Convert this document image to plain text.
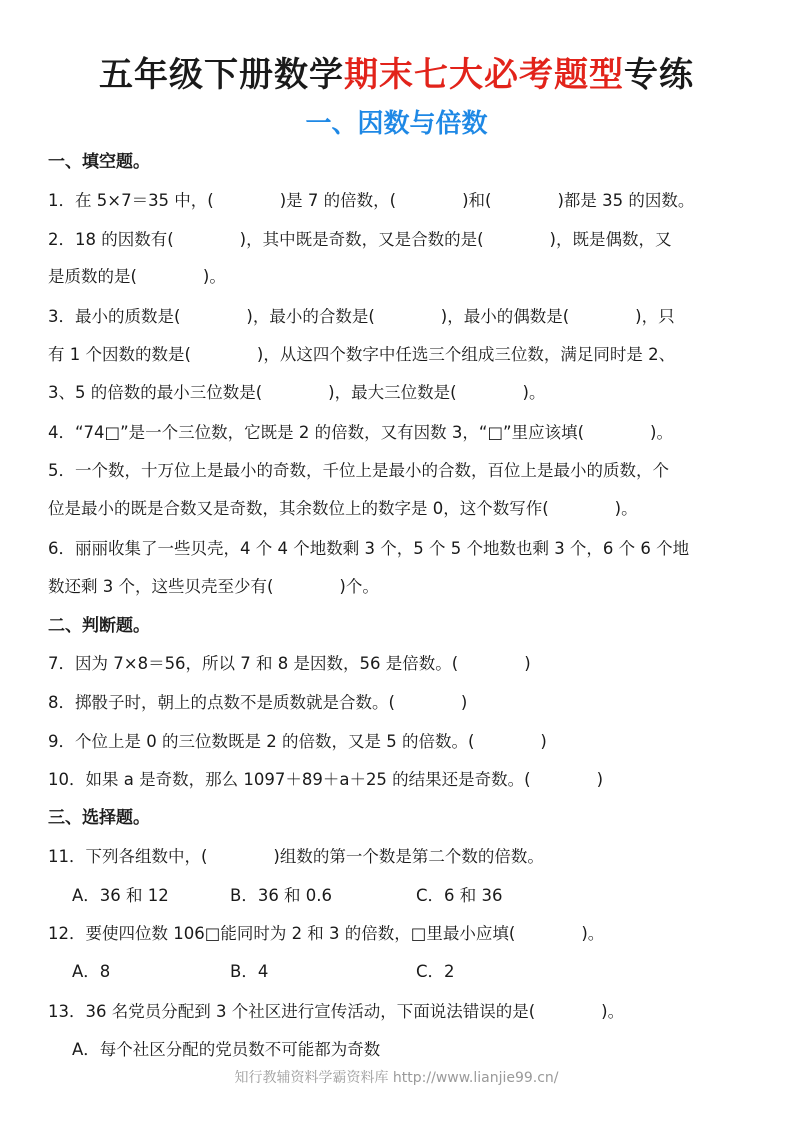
五年级下册数学期末七大必考题型专练
一、因数与倍数
一、填空题。
1．在 5×7＝35 中，(　　　　)是 7 的倍数，(　　　　)和(　　　　)都是 35 的因数。
2．18 的因数有(　　　　)，其中既是奇数，又是合数的是(　　　　)，既是偶数，又
是质数的是(　　　　)。
3．最小的质数是(　　　　)，最小的合数是(　　　　)，最小的偶数是(　　　　)，只
有 1 个因数的数是(　　　　)，从这四个数字中任选三个组成三位数，满足同时是 2、
3、5 的倍数的最小三位数是(　　　　)，最大三位数是(　　　　)。
4．“74□”是一个三位数，它既是 2 的倍数，又有因数 3，“□”里应该填(　　　　)。
5．一个数，十万位上是最小的奇数，千位上是最小的合数，百位上是最小的质数，个
位是最小的既是合数又是奇数，其余数位上的数字是 0，这个数写作(　　　　)。
6．丽丽收集了一些贝壳，4 个 4 个地数剩 3 个，5 个 5 个地数也剩 3 个，6 个 6 个地
数还剩 3 个，这些贝壳至少有(　　　　)个。
二、判断题。
7．因为 7×8＝56，所以 7 和 8 是因数，56 是倍数。(　　　　)
8．掷骰子时，朝上的点数不是质数就是合数。(　　　　)
9．个位上是 0 的三位数既是 2 的倍数，又是 5 的倍数。(　　　　)
10．如果 a 是奇数，那么 1097＋89＋a＋25 的结果还是奇数。(　　　　)
三、选择题。
11．下列各组数中，(　　　　)组数的第一个数是第二个数的倍数。
A．36 和 12	B．36 和 0.6	C．6 和 36
12．要使四位数 106□能同时为 2 和 3 的倍数，□里最小应填(　　　　)。
A．8	B．4	C．2
13．36 名党员分配到 3 个社区进行宣传活动，下面说法错误的是(　　　　)。
A．每个社区分配的党员数不可能都为奇数
知行教辅资料学霸资料库 http://www.lianjie99.cn/
